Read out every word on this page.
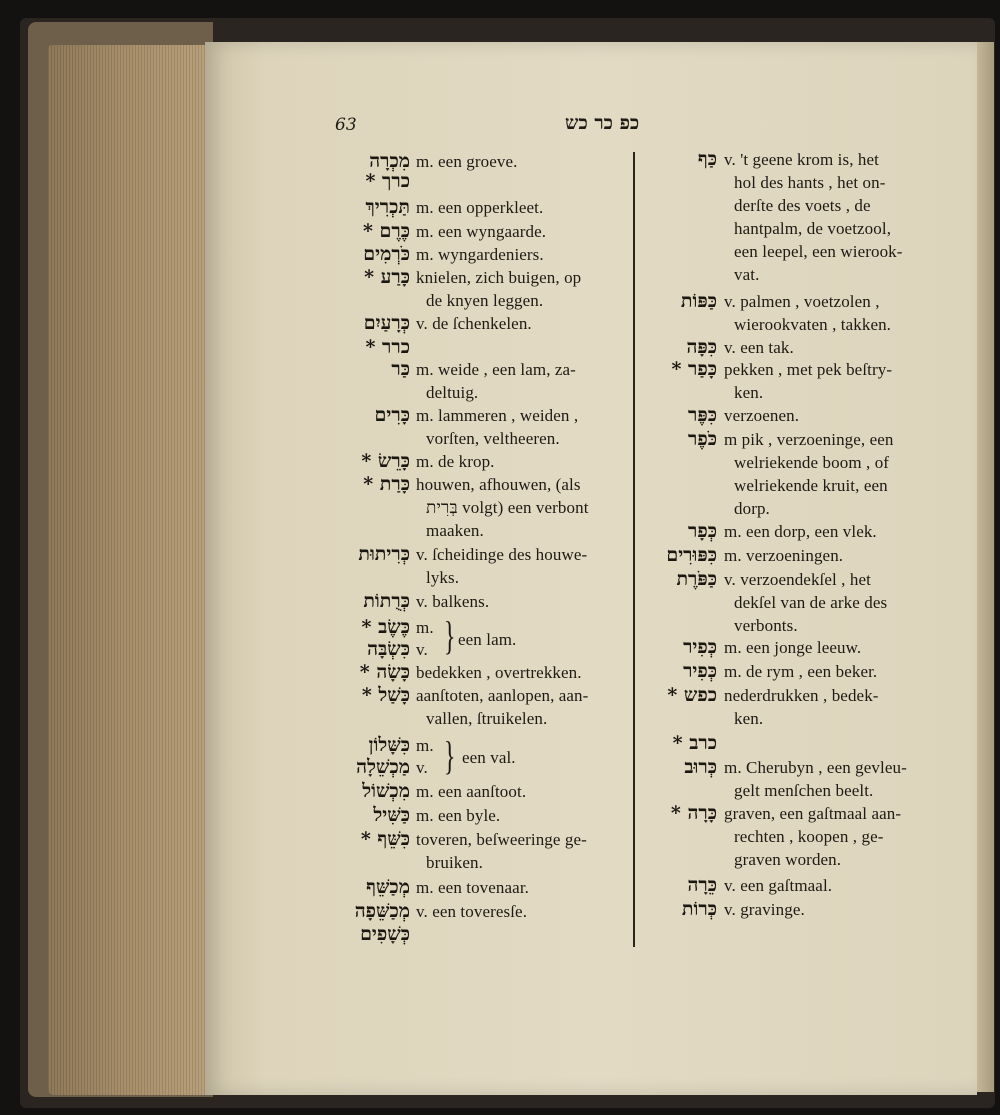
63	כפ כר כש
מִכְרָה m. een groeve.
כרך *
תַּכְרִיךְ m. een opperkleet.
כֶּרֶם * m. een wyngaarde.
כֹּרְמִים m. wyngardeniers.
כָּרַע * knielen, zich buigen, op
de knyen leggen.
כְּרָעַיִם v. de ſchenkelen.
כרר *
כַּר m. weide , een lam, za-
deltuig.
כָּרִים m. lammeren , weiden ,
vorſten, veltheeren.
כָּרֵשׂ * m. de krop.
כָּרַת * houwen, afhouwen, (als
בְּרִית volgt) een verbont
maaken.
כְּרִיתוּת v. ſcheidinge des houwe-
lyks.
כְּרֻתוֹת v. balkens.
כֶּשֶׂב * m.
כִּשְׂבָּה v.
כָּשָׂה * bedekken , overtrekken.
כָּשַׁל * aanſtoten, aanlopen, aan-
vallen, ſtruikelen.
כִּשָּׁלוֹן m.
מַכְשֵׁלָה v.
מִכְשׁוֹל m. een aanſtoot.
כַּשִּׁיל m. een byle.
כִּשֵּׁף * toveren, beſweeringe ge-
bruiken.
מְכַשֵּׁף m. een tovenaar.
מְכַשֵּׁפָה v. een toveresſe.
כְּשָׁפִים
כַּף v. 't geene krom is, het
hol des hants , het on-
derſte des voets , de
hantpalm, de voetzool,
een leepel, een wierook-
vat.
כַּפּוֹת v. palmen , voetzolen ,
wierookvaten , takken.
כִּפָּה v. een tak.
כָּפַר * pekken , met pek beſtry-
ken.
כִּפֶּר verzoenen.
כֹּפֶר m pik , verzoeninge, een
welriekende boom , of
welriekende kruit, een
dorp.
כְּפָר m. een dorp, een vlek.
כִּפּוּרִים m. verzoeningen.
כַּפֹּרֶת v. verzoendekſel , het
dekſel van de arke des
verbonts.
כְּפִיר m. een jonge leeuw.
כְּפִיר m. de rym , een beker.
כפש * nederdrukken , bedek-
ken.
כרב *
כְּרוּב m. Cherubyn , een gevleu-
gelt menſchen beelt.
כָּרָה * graven, een gaſtmaal aan-
rechten , koopen , ge-
graven worden.
כֵּרָה v. een gaſtmaal.
כְּרוֹת v. gravinge.
} een lam.
} een val.
